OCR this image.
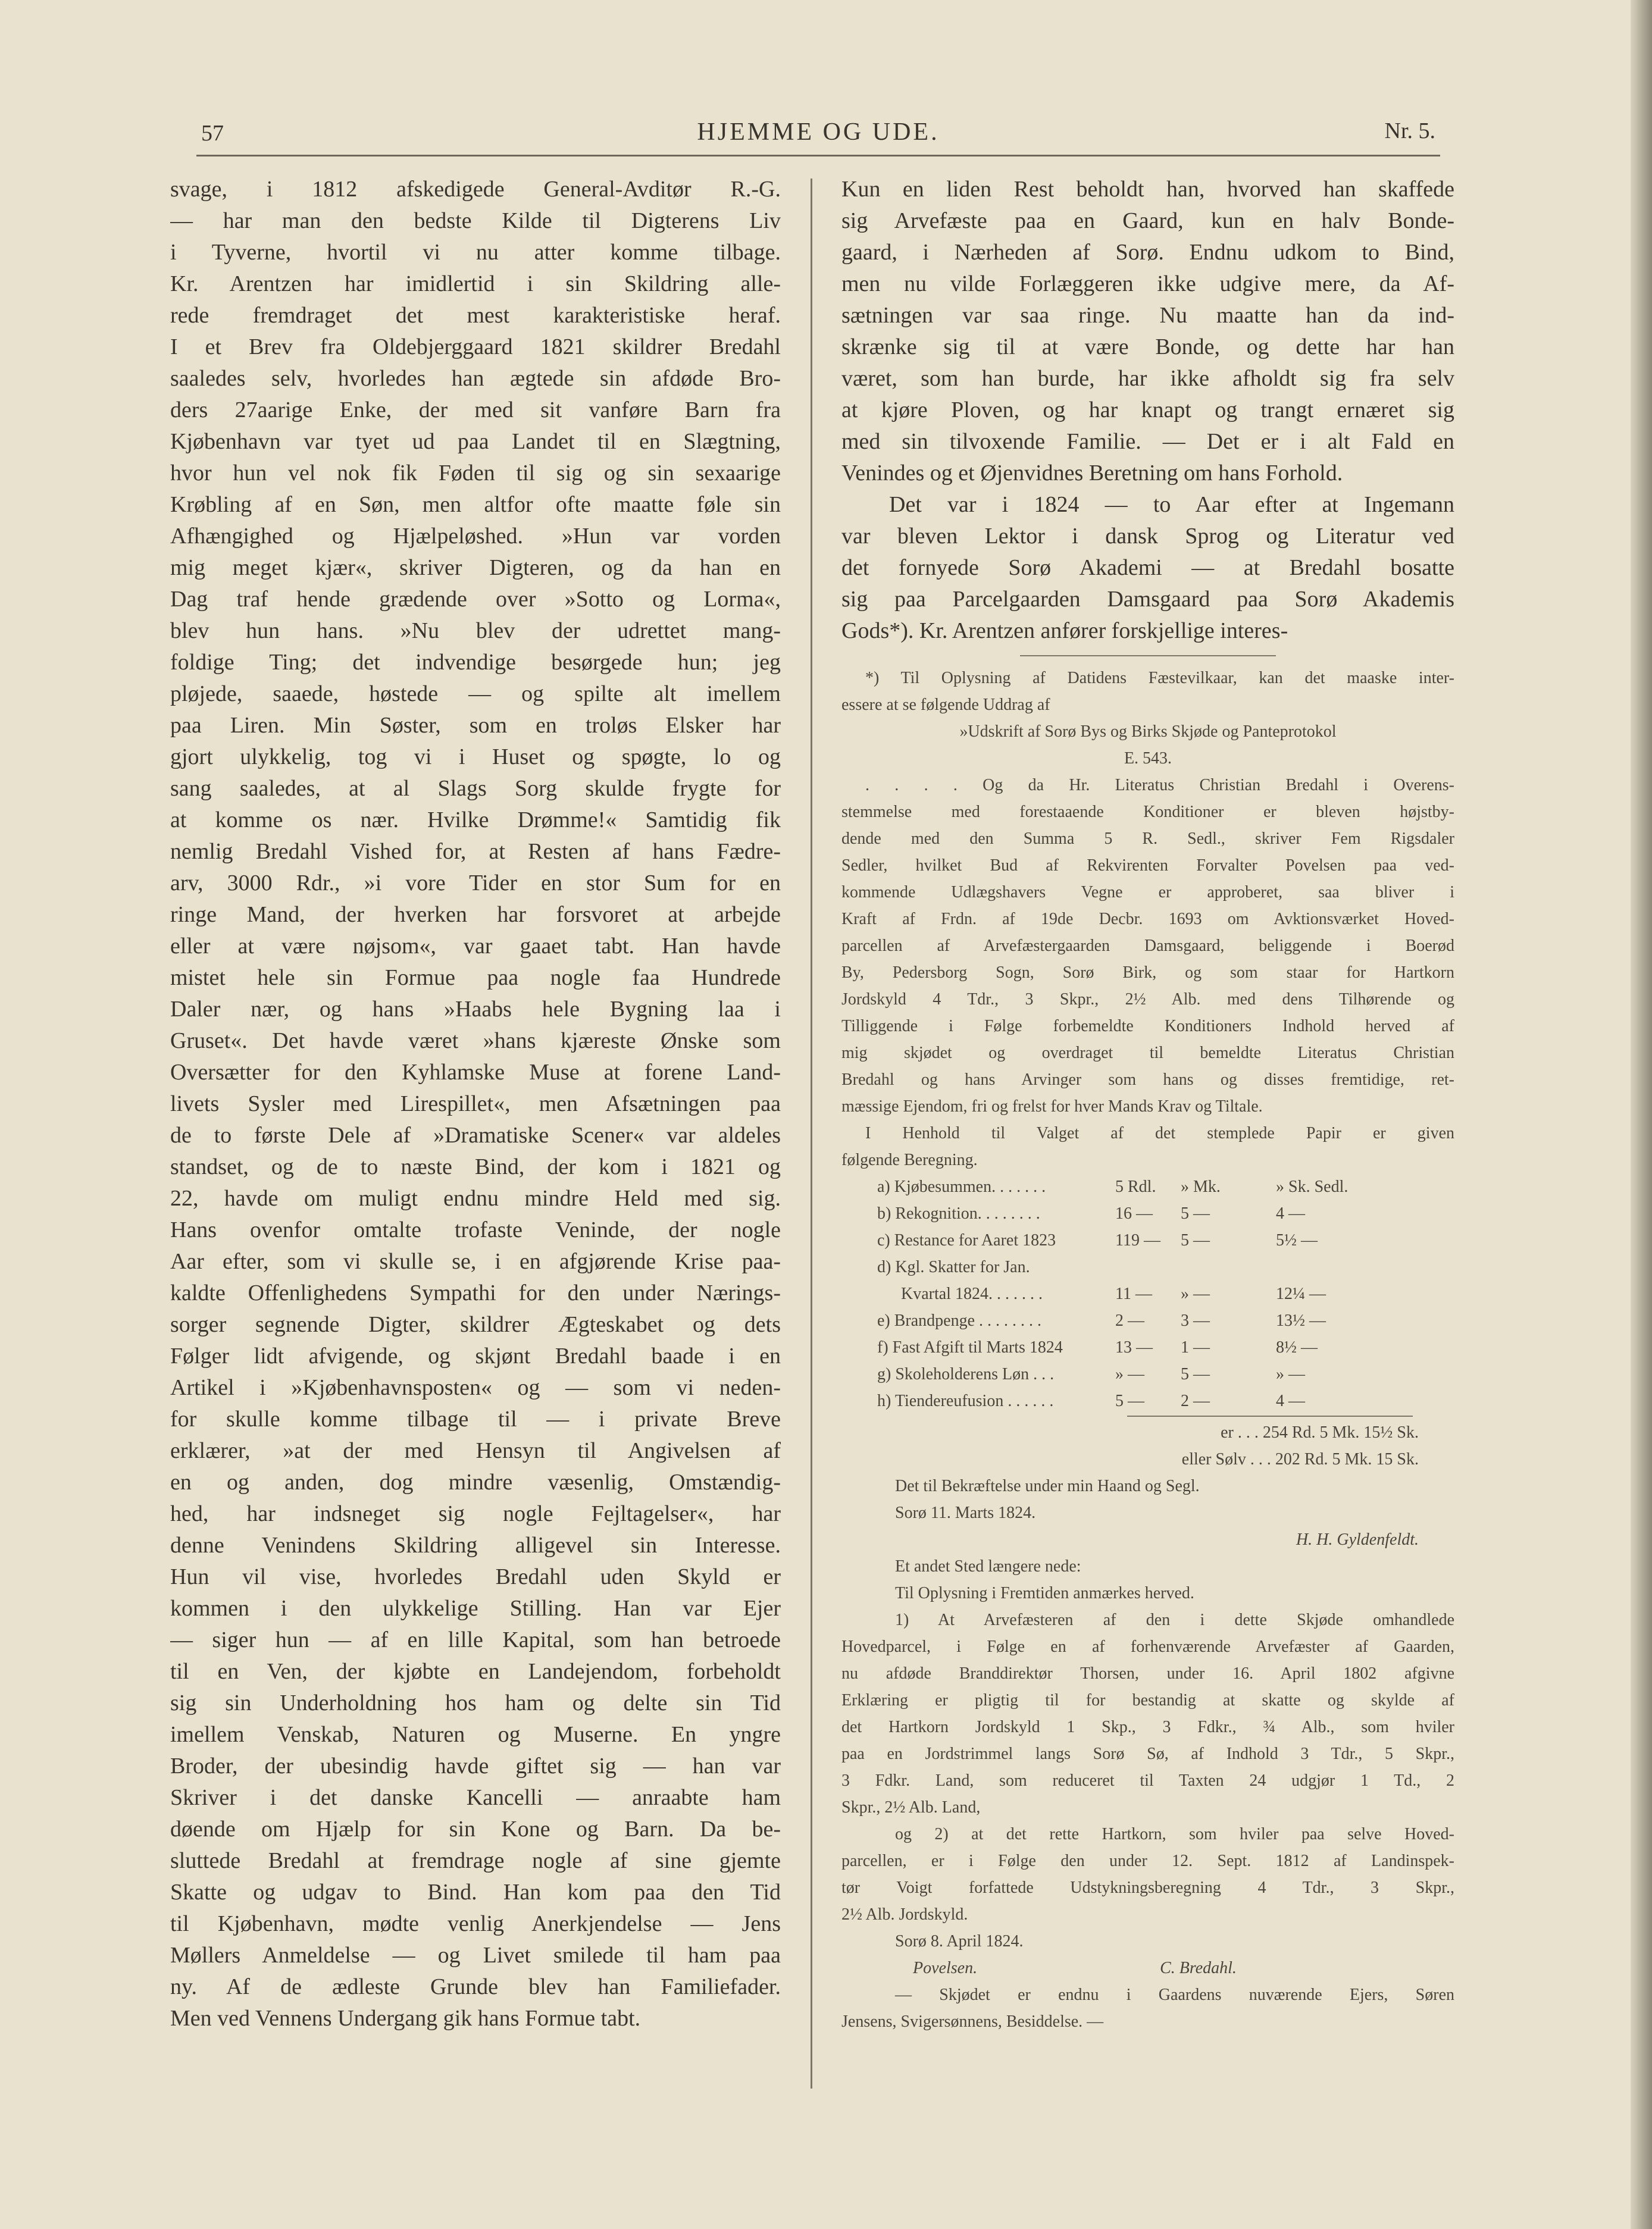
57	HJEMME OG UDE.	Nr. 5.
svage, i 1812 afskedigede General-Avditør R.-G.
— har man den bedste Kilde til Digterens Liv
i Tyverne, hvortil vi nu atter komme tilbage.
Kr. Arentzen har imidlertid i sin Skildring alle-
rede fremdraget det mest karakteristiske heraf.
I et Brev fra Oldebjerggaard 1821 skildrer Bredahl
saaledes selv, hvorledes han ægtede sin afdøde Bro-
ders 27aarige Enke, der med sit vanføre Barn fra
Kjøbenhavn var tyet ud paa Landet til en Slægtning,
hvor hun vel nok fik Føden til sig og sin sexaarige
Krøbling af en Søn, men altfor ofte maatte føle sin
Afhængighed og Hjælpeløshed. »Hun var vorden
mig meget kjær«, skriver Digteren, og da han en
Dag traf hende grædende over »Sotto og Lorma«,
blev hun hans. »Nu blev der udrettet mang-
foldige Ting; det indvendige besørgede hun; jeg
pløjede, saaede, høstede — og spilte alt imellem
paa Liren. Min Søster, som en troløs Elsker har
gjort ulykkelig, tog vi i Huset og spøgte, lo og
sang saaledes, at al Slags Sorg skulde frygte for
at komme os nær. Hvilke Drømme!« Samtidig fik
nemlig Bredahl Vished for, at Resten af hans Fædre-
arv, 3000 Rdr., »i vore Tider en stor Sum for en
ringe Mand, der hverken har forsvoret at arbejde
eller at være nøjsom«, var gaaet tabt. Han havde
mistet hele sin Formue paa nogle faa Hundrede
Daler nær, og hans »Haabs hele Bygning laa i
Gruset«. Det havde været »hans kjæreste Ønske som
Oversætter for den Kyhlamske Muse at forene Land-
livets Sysler med Lirespillet«, men Afsætningen paa
de to første Dele af »Dramatiske Scener« var aldeles
standset, og de to næste Bind, der kom i 1821 og
22, havde om muligt endnu mindre Held med sig.
Hans ovenfor omtalte trofaste Veninde, der nogle
Aar efter, som vi skulle se, i en afgjørende Krise paa-
kaldte Offenlighedens Sympathi for den under Nærings-
sorger segnende Digter, skildrer Ægteskabet og dets
Følger lidt afvigende, og skjønt Bredahl baade i en
Artikel i »Kjøbenhavnsposten« og — som vi neden-
for skulle komme tilbage til — i private Breve
erklærer, »at der med Hensyn til Angivelsen af
en og anden, dog mindre væsenlig, Omstændig-
hed, har indsneget sig nogle Fejltagelser«, har
denne Venindens Skildring alligevel sin Interesse.
Hun vil vise, hvorledes Bredahl uden Skyld er
kommen i den ulykkelige Stilling. Han var Ejer
— siger hun — af en lille Kapital, som han betroede
til en Ven, der kjøbte en Landejendom, forbeholdt
sig sin Underholdning hos ham og delte sin Tid
imellem Venskab, Naturen og Muserne. En yngre
Broder, der ubesindig havde giftet sig — han var
Skriver i det danske Kancelli — anraabte ham
døende om Hjælp for sin Kone og Barn. Da be-
sluttede Bredahl at fremdrage nogle af sine gjemte
Skatte og udgav to Bind. Han kom paa den Tid
til Kjøbenhavn, mødte venlig Anerkjendelse — Jens
Møllers Anmeldelse — og Livet smilede til ham paa
ny. Af de ædleste Grunde blev han Familiefader.
Men ved Vennens Undergang gik hans Formue tabt.
Kun en liden Rest beholdt han, hvorved han skaffede
sig Arvefæste paa en Gaard, kun en halv Bonde-
gaard, i Nærheden af Sorø. Endnu udkom to Bind,
men nu vilde Forlæggeren ikke udgive mere, da Af-
sætningen var saa ringe. Nu maatte han da ind-
skrænke sig til at være Bonde, og dette har han
været, som han burde, har ikke afholdt sig fra selv
at kjøre Ploven, og har knapt og trangt ernæret sig
med sin tilvoxende Familie. — Det er i alt Fald en
Venindes og et Øjenvidnes Beretning om hans Forhold.
Det var i 1824 — to Aar efter at Ingemann
var bleven Lektor i dansk Sprog og Literatur ved
det fornyede Sorø Akademi — at Bredahl bosatte
sig paa Parcelgaarden Damsgaard paa Sorø Akademis
Gods*). Kr. Arentzen anfører forskjellige interes-
*) Til Oplysning af Datidens Fæstevilkaar, kan det maaske inter-
essere at se følgende Uddrag af
»Udskrift af Sorø Bys og Birks Skjøde og Panteprotokol
E. 543.
. . . . Og da Hr. Literatus Christian Bredahl i Overens-
stemmelse med forestaaende Konditioner er bleven højstby-
dende med den Summa 5 R. Sedl., skriver Fem Rigsdaler
Sedler, hvilket Bud af Rekvirenten Forvalter Povelsen paa ved-
kommende Udlægshavers Vegne er approberet, saa bliver i
Kraft af Frdn. af 19de Decbr. 1693 om Avktionsværket Hoved-
parcellen af Arvefæstergaarden Damsgaard, beliggende i Boerød
By, Pedersborg Sogn, Sorø Birk, og som staar for Hartkorn
Jordskyld 4 Tdr., 3 Skpr., 2½ Alb. med dens Tilhørende og
Tilliggende i Følge forbemeldte Konditioners Indhold herved af
mig skjødet og overdraget til bemeldte Literatus Christian
Bredahl og hans Arvinger som hans og disses fremtidige, ret-
mæssige Ejendom, fri og frelst for hver Mands Krav og Tiltale.
I Henhold til Valget af det stemplede Papir er given
følgende Beregning.
a) Kjøbesummen. . . . . . .	5 Rdl.	» Mk.	» Sk. Sedl.
b) Rekognition. . . . . . . .	16 —	5 —	4 —
c) Restance for Aaret 1823	119 —	5 —	5½ —
d) Kgl. Skatter for Jan.
Kvartal 1824. . . . . . .	11 —	» —	12¼ —
e) Brandpenge . . . . . . . .	2 —	3 —	13½ —
f) Fast Afgift til Marts 1824	13 —	1 —	8½ —
g) Skoleholderens Løn . . .	» —	5 —	» —
h) Tiendereufusion . . . . . .	5 —	2 —	4 —
er . . . 254 Rd. 5 Mk. 15½ Sk.
eller Sølv . . . 202 Rd. 5 Mk. 15 Sk.
Det til Bekræftelse under min Haand og Segl.
Sorø 11. Marts 1824.
H. H. Gyldenfeldt.
Et andet Sted længere nede:
Til Oplysning i Fremtiden anmærkes herved.
1) At Arvefæsteren af den i dette Skjøde omhandlede
Hovedparcel, i Følge en af forhenværende Arvefæster af Gaarden,
nu afdøde Branddirektør Thorsen, under 16. April 1802 afgivne
Erklæring er pligtig til for bestandig at skatte og skylde af
det Hartkorn Jordskyld 1 Skp., 3 Fdkr., ¾ Alb., som hviler
paa en Jordstrimmel langs Sorø Sø, af Indhold 3 Tdr., 5 Skpr.,
3 Fdkr. Land, som reduceret til Taxten 24 udgjør 1 Td., 2
Skpr., 2½ Alb. Land,
og 2) at det rette Hartkorn, som hviler paa selve Hoved-
parcellen, er i Følge den under 12. Sept. 1812 af Landinspek-
tør Voigt forfattede Udstykningsberegning 4 Tdr., 3 Skpr.,
2½ Alb. Jordskyld.
Sorø 8. April 1824.
Povelsen.	C. Bredahl.
— Skjødet er endnu i Gaardens nuværende Ejers, Søren
Jensens, Svigersønnens, Besiddelse. —
